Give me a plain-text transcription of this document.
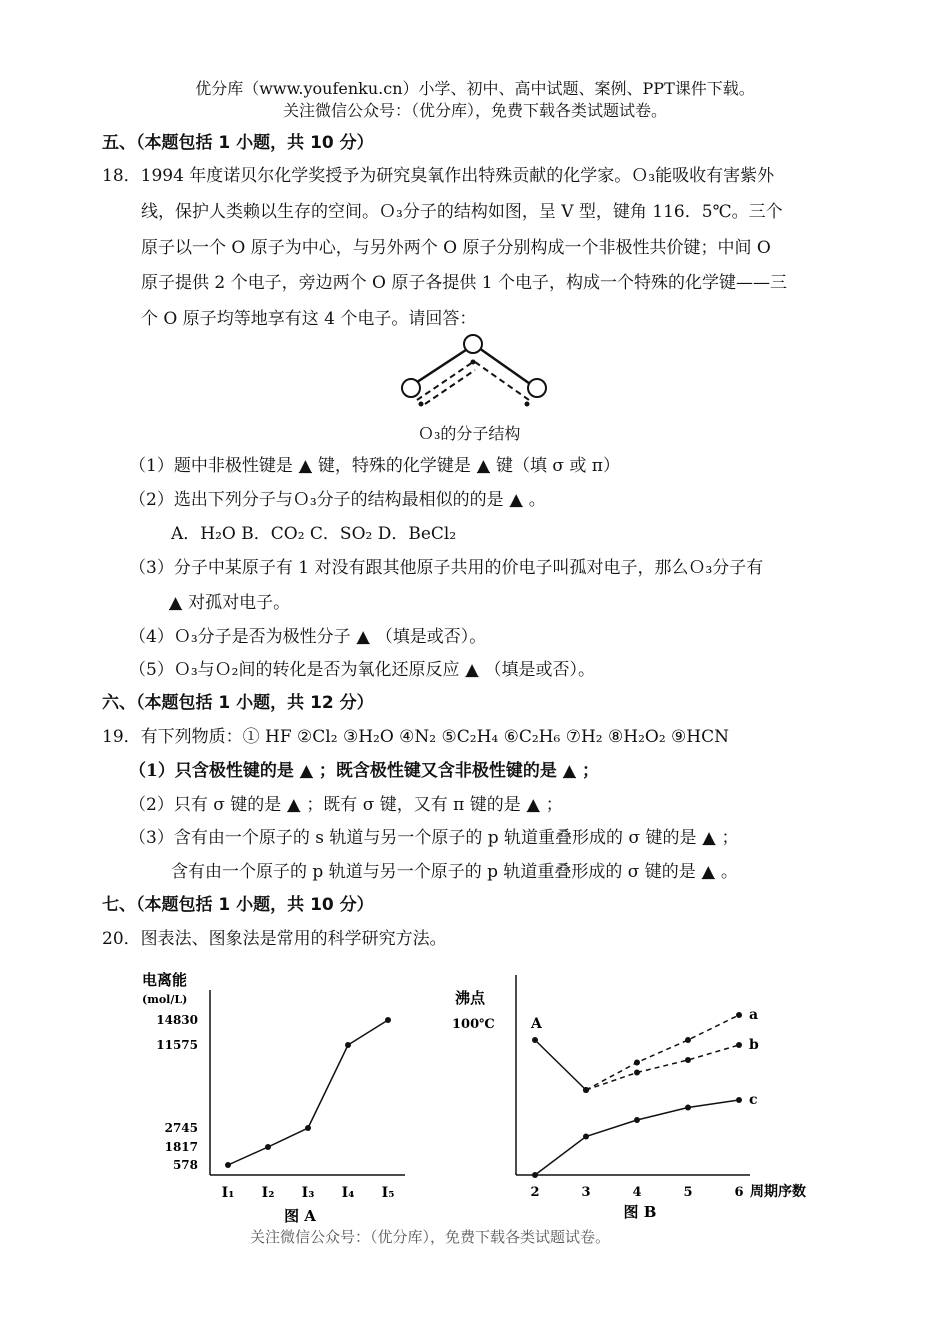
优分库（www.youfenku.cn）小学、初中、高中试题、案例、PPT课件下载。
关注微信公众号：（优分库），免费下载各类试题试卷。
五、（本题包括 1 小题，共 10 分）
18．1994 年度诺贝尔化学奖授予为研究臭氧作出特殊贡献的化学家。Ｏ₃能吸收有害紫外
线，保护人类赖以生存的空间。Ｏ₃分子的结构如图，呈 V 型，键角 116．5℃。三个
原子以一个 O 原子为中心，与另外两个 O 原子分别构成一个非极性共价键；中间 O
原子提供 2 个电子，旁边两个 O 原子各提供 1 个电子，构成一个特殊的化学键——三
个 O 原子均等地享有这 4 个电子。请回答：
Ｏ₃的分子结构
（1）题中非极性键是 ▲ 键，特殊的化学键是 ▲ 键（填 σ 或 π）
（2）选出下列分子与Ｏ₃分子的结构最相似的的是 ▲ 。
A．H₂O B．CO₂ C．SO₂ D．BeCl₂
（3）分子中某原子有 1 对没有跟其他原子共用的价电子叫孤对电子，那么Ｏ₃分子有
▲ 对孤对电子。
（4）Ｏ₃分子是否为极性分子 ▲ （填是或否）。
（5）Ｏ₃与Ｏ₂间的转化是否为氧化还原反应 ▲ （填是或否）。
六、（本题包括 1 小题，共 12 分）
19．有下列物质：① HF ②Cl₂ ③H₂O ④N₂ ⑤C₂H₄ ⑥C₂H₆ ⑦H₂ ⑧H₂O₂ ⑨HCN
（1）只含极性键的是 ▲ ；既含极性键又含非极性键的是 ▲ ；
（2）只有 σ 键的是 ▲ ；既有 σ 键，又有 π 键的是 ▲ ；
（3）含有由一个原子的 s 轨道与另一个原子的 p 轨道重叠形成的 σ 键的是 ▲ ；
含有由一个原子的 p 轨道与另一个原子的 p 轨道重叠形成的 σ 键的是 ▲ 。
七、（本题包括 1 小题，共 10 分）
20．图表法、图象法是常用的科学研究方法。
电离能
(mol/L)
578
1817
2745
11575
14830
I₁ I₂ I₃ I₄ I₅
图 A
沸点
100℃
2	3	4	5	6
a
b
c
A
周期序数
图 B
关注微信公众号：（优分库），免费下载各类试题试卷。
